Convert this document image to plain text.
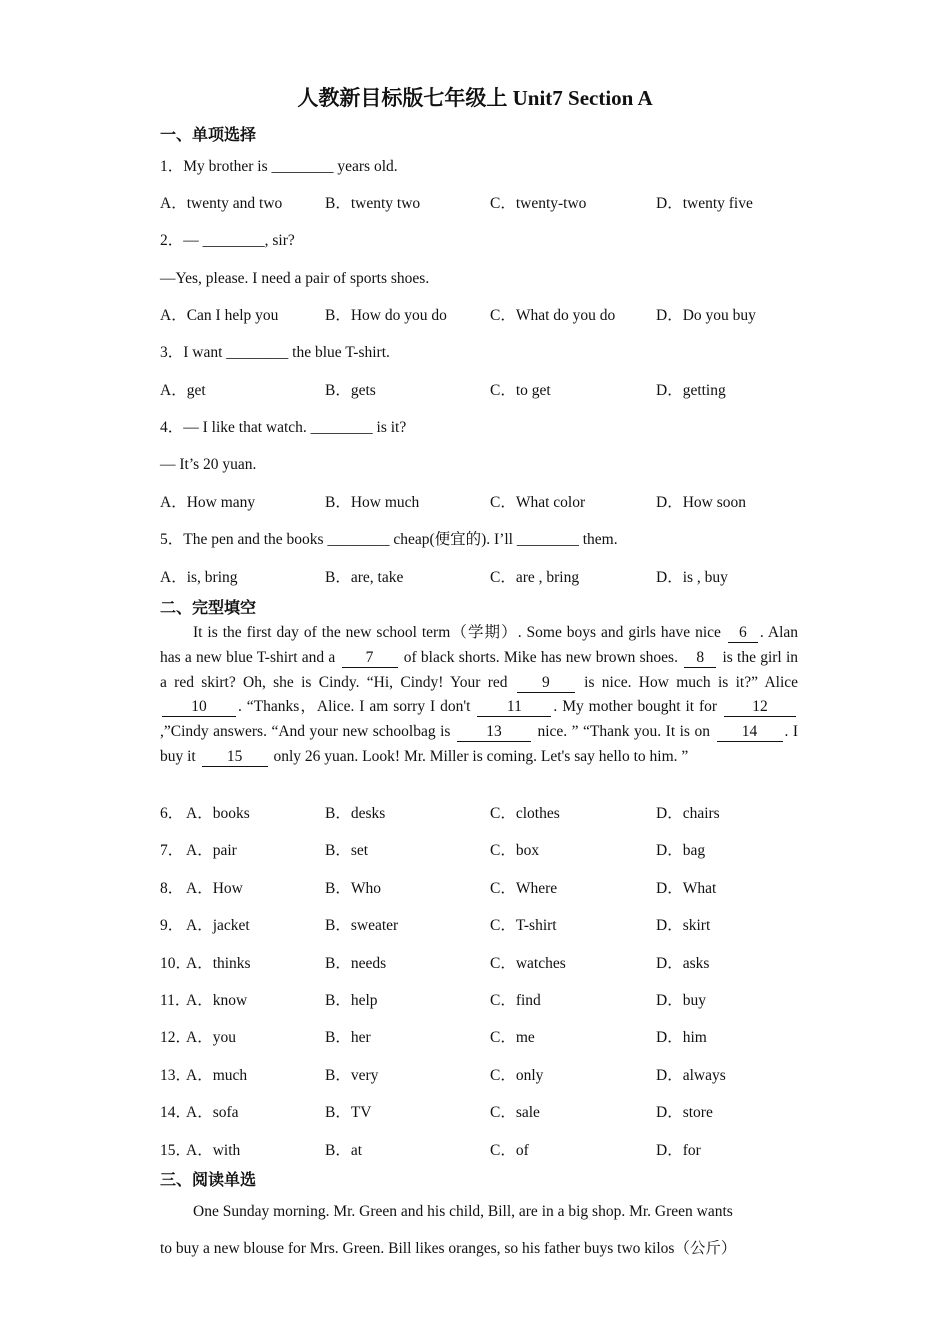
人教新目标版七年级上 Unit7 Section A
一、单项选择
1．My brother is ________ years old.
A．twenty and two	B．twenty two	C．twenty-two	D．twenty five
2．— ________, sir?
—Yes, please. I need a pair of sports shoes.
A．Can I help you	B．How do you do	C．What do you do	D．Do you buy
3．I want ________ the blue T-shirt.
A．get	B．gets	C．to get	D．getting
4．— I like that watch. ________ is it?
— It’s 20 yuan.
A．How many	B．How much	C．What color	D．How soon
5．The pen and the books ________ cheap(便宜的). I’ll ________ them.
A．is, bring	B．are, take	C．are , bring	D．is , buy
二、完型填空
It is the first day of the new school term（学期）. Some boys and girls have nice 6 . Alan has a new blue T-shirt and a 7 of black shorts. Mike has new brown shoes. 8 is the girl in a red skirt? Oh, she is Cindy. “Hi, Cindy! Your red 9 is nice. How much is it?” Alice 10 . “Thanks，Alice. I am sorry I don't 11 . My mother bought it for 12,”Cindy answers. “And your new schoolbag is 13 nice. ” “Thank you. It is on 14 . I buy it 15 only 26 yuan. Look! Mr. Miller is coming. Let's say hello to him. ”
6． A．books	B．desks	C．clothes	D．chairs
7． A．pair	B．set	C．box	D．bag
8． A．How	B．Who	C．Where	D．What
9． A．jacket	B．sweater	C．T-shirt	D．skirt
10．
A．thinks	B．needs	C．watches	D．asks
11．
A．know	B．help	C．find	D．buy
12．
A．you	B．her	C．me	D．him
13．
A．much	B．very	C．only	D．always
14．
A．sofa	B．TV	C．sale	D．store
15．
A．with	B．at	C．of	D．for
三、阅读单选
One Sunday morning. Mr. Green and his child, Bill, are in a big shop. Mr. Green wants
to buy a new blouse for Mrs. Green. Bill likes oranges, so his father buys two kilos（公斤）
